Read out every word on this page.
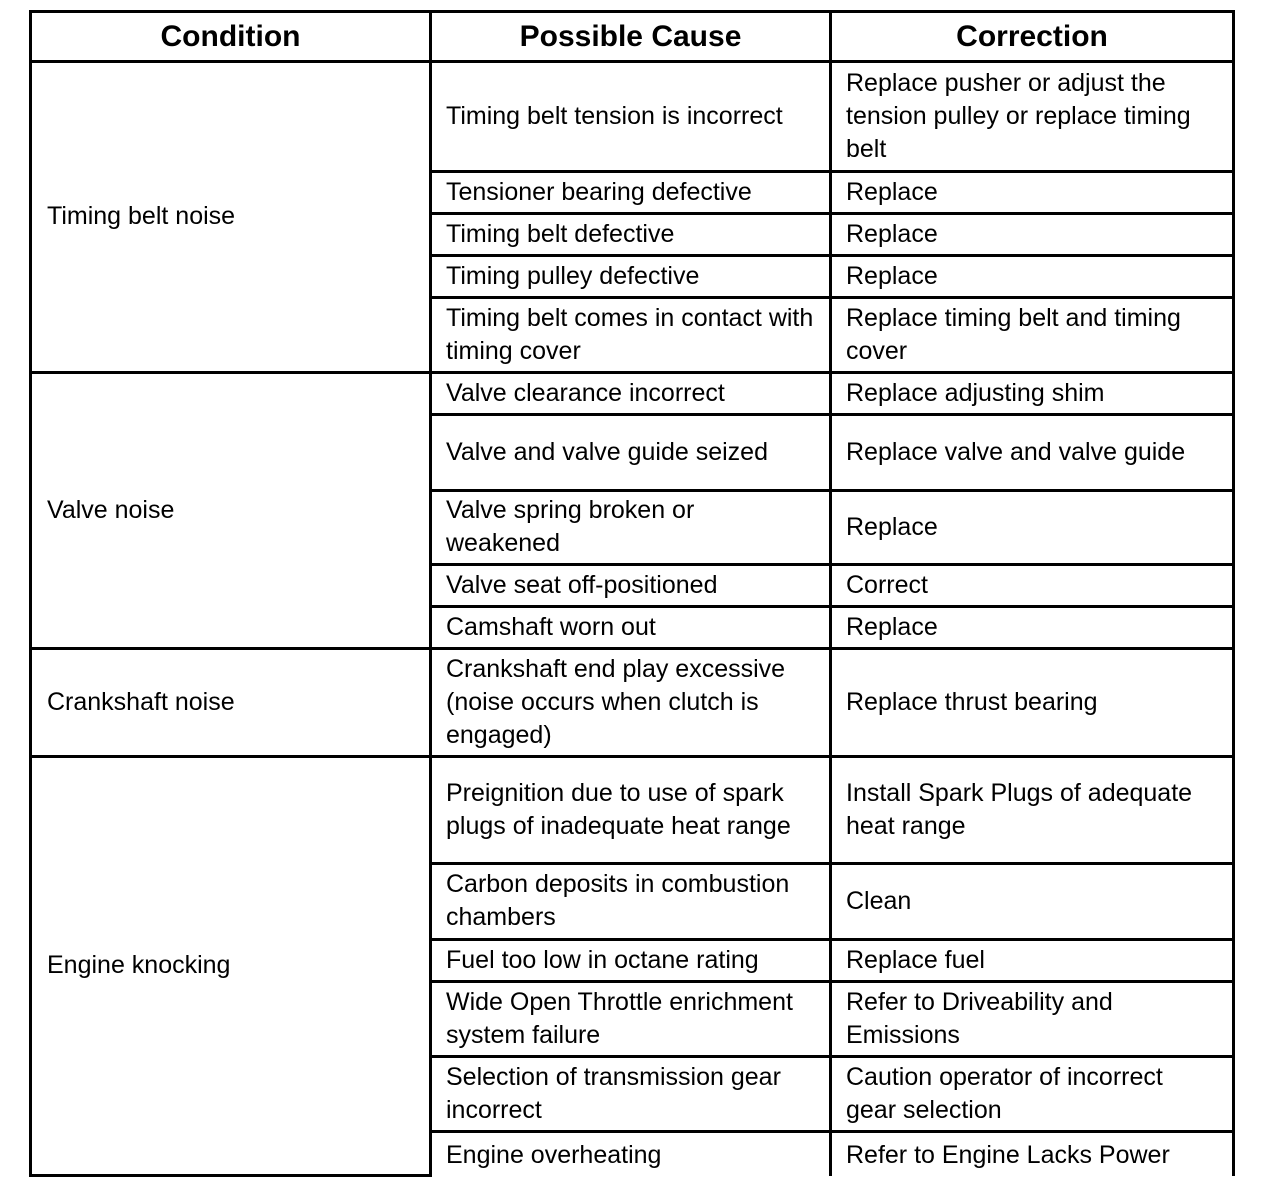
Condition	Possible Cause	Correction
Timing belt noise	Timing belt tension is incorrect	Replace pusher or adjust the tension pulley or replace timing belt
	Tensioner bearing defective	Replace
	Timing belt defective	Replace
	Timing pulley defective	Replace
	Timing belt comes in contact with timing cover	Replace timing belt and timing cover
Valve noise	Valve clearance incorrect	Replace adjusting shim
	Valve and valve guide seized	Replace valve and valve guide
	Valve spring broken or weakened	Replace
	Valve seat off-positioned	Correct
	Camshaft worn out	Replace
Crankshaft noise	Crankshaft end play excessive (noise occurs when clutch is engaged)	Replace thrust bearing
Engine knocking	Preignition due to use of spark plugs of inadequate heat range	Install Spark Plugs of adequate heat range
	Carbon deposits in combustion chambers	Clean
	Fuel too low in octane rating	Replace fuel
	Wide Open Throttle enrichment system failure	Refer to Driveability and Emissions
	Selection of transmission gear incorrect	Caution operator of incorrect gear selection
	Engine overheating	Refer to Engine Lacks Power
